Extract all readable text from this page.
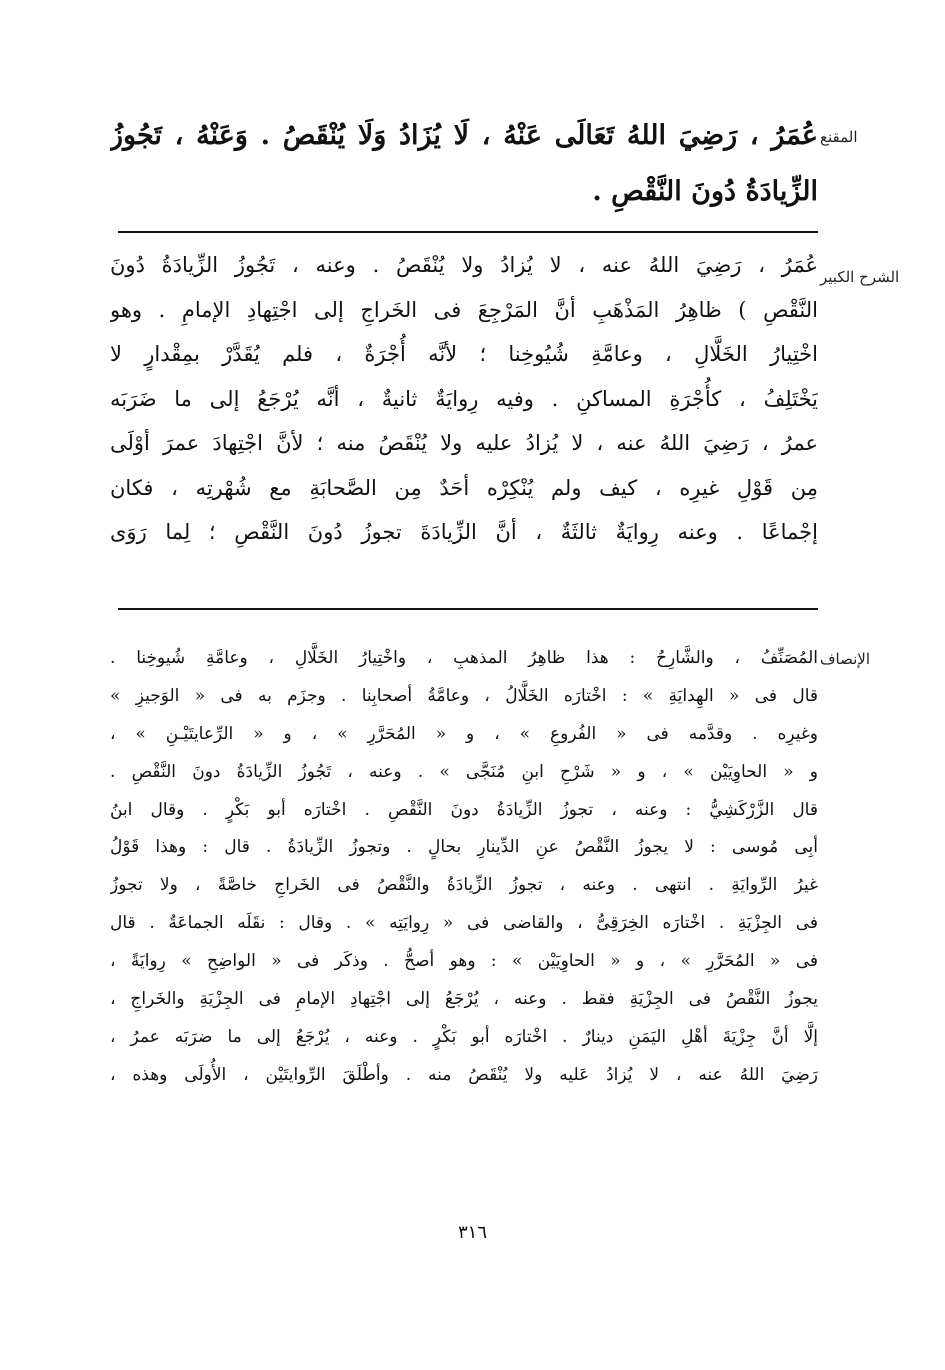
المقنع
عُمَرُ ، رَضِيَ اللهُ تَعَالَى عَنْهُ ، لَا يُزَادُ وَلَا يُنْقَصُ . وَعَنْهُ ، تَجُوزُ
الزِّيادَةُ دُونَ النَّقْصِ .
الشرح الكبير
عُمَرُ ، رَضِيَ اللهُ عنه ، لا يُزادُ ولا يُنْقَصُ . وعنه ، تَجُوزُ الزِّيادَةُ دُونَ
النَّقْصِ ) ظاهِرُ المَذْهَبِ أنَّ المَرْجِعَ فى الخَراجِ إلى اجْتِهادِ الإمامِ . وهو
اخْتِيارُ الخَلَّالِ ، وعامَّةِ شُيُوخِنا ؛ لأنَّه أُجْرَةٌ ، فلم يُقَدَّرْ بمِقْدارٍ لا
يَخْتَلِفُ ، كأُجْرَةِ المساكنِ . وفيه رِوايَةٌ ثانيةٌ ، أنَّه يُرْجَعُ إلى ما ضَرَبَه
عمرُ ، رَضِيَ اللهُ عنه ، لا يُزادُ عليه ولا يُنْقَصُ منه ؛ لأنَّ اجْتِهادَ عمرَ أوْلَى
مِن قَوْلِ غيرِه ، كيف ولم يُنْكِرْه أحَدٌ مِن الصَّحابَةِ مع شُهْرتِه ، فكان
إجْماعًا . وعنه رِوايَةٌ ثالثَةٌ ، أنَّ الزِّيادَةَ تجوزُ دُونَ النَّقْصِ ؛ لِما رَوَى
الإنصاف
المُصَنِّفُ ، والشَّارِحُ : هذا ظاهِرُ المذهبِ ، واخْتِيارُ الخَلَّالِ ، وعامَّةِ شُيوخِنا .
قال فى « الهِدايَةِ » : اخْتارَه الخَلَّالُ ، وعامَّةُ أصحابِنا . وجزَم به فى « الوَجيزِ »
وغيرِه . وقدَّمه فى « الفُروعِ » ، و « المُحَرَّرِ » ، و « الرِّعايتَيْـنِ » ،
و « الحاوِيَيْن » ، و « شَرْحِ ابنِ مُنَجَّى » . وعنه ، تَجُوزُ الزِّيادَةُ دونَ النَّقْصِ .
قال الزَّرْكَشِيُّ : وعنه ، تجوزُ الزِّيادَةُ دونَ النَّقْصِ . اخْتارَه أبو بَكْرٍ . وقال ابنُ
أبِى مُوسى : لا يجوزُ النَّقْصُ عنِ الدِّينارِ بحالٍ . وتجوزُ الزِّيادَةُ . قال : وهذا قَوْلُ
غيرُ الرِّوايَةِ . انتهى . وعنه ، تجوزُ الزِّيادَةُ والنَّقْصُ فى الخَراجِ خاصَّةً ، ولا تجوزُ
فى الجِزْيَةِ . اخْتارَه الخِرَقِىُّ ، والقاضى فى « رِوايَتِه » . وقال : نقَلَه الجماعَةُ . قال
فى « المُحَرَّرِ » ، و « الحاوِيَيْن » : وهو أصحُّ . وذكَر فى « الواضِحِ » رِوايَةً ،
يجوزُ النَّقْصُ فى الجِزْيَةِ فقط . وعنه ، يُرْجَعُ إلى اجْتِهادِ الإمامِ فى الجِزْيَةِ والخَراجِ ،
إلَّا أنَّ جِزْيَةَ أهْلِ اليَمَنِ دينارٌ . اخْتارَه أبو بَكْرٍ . وعنه ، يُرْجَعُ إلى ما ضرَبَه عمرُ ،
رَضِيَ اللهُ عنه ، لا يُزادُ عَليه ولا يُنْقَصُ منه . وأطْلَقَ الرِّوايتَيْن ، الأُولَى وهذه ،
٣١٦
